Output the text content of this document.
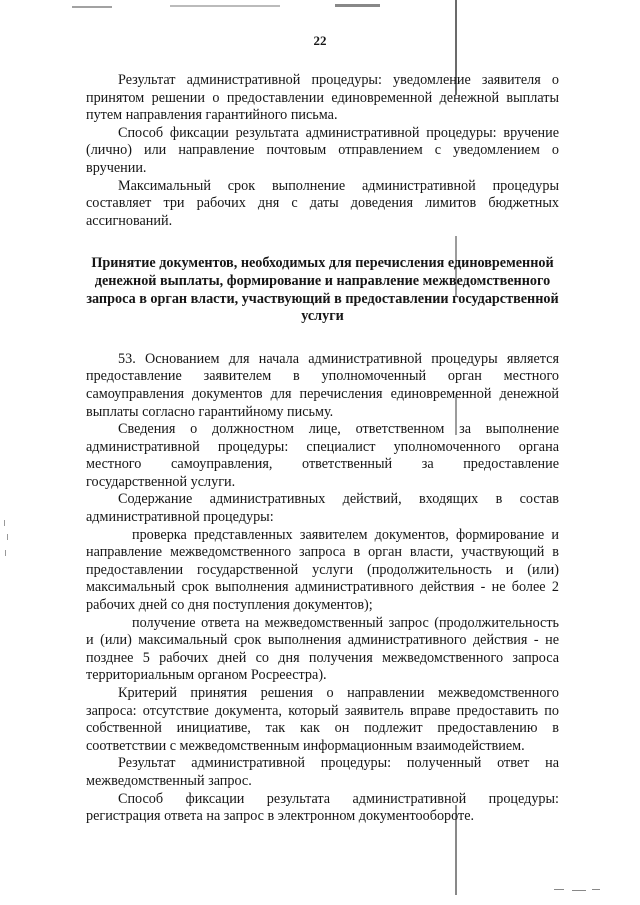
22

Результат административной процедуры: уведомление заявителя о принятом решении о предоставлении единовременной денежной выплаты путем направления гарантийного письма.

Способ фиксации результата административной процедуры: вручение (лично) или направление почтовым отправлением с уведомлением о вручении.

Максимальный срок выполнение административной процедуры составляет три рабочих дня с даты доведения лимитов бюджетных ассигнований.

Принятие документов, необходимых для перечисления единовременной денежной выплаты, формирование и направление межведомственного запроса в орган власти, участвующий в предоставлении государственной услуги

53. Основанием для начала административной процедуры является предоставление заявителем в уполномоченный орган местного самоуправления документов для перечисления единовременной денежной выплаты согласно гарантийному письму.

Сведения о должностном лице, ответственном за выполнение административной процедуры: специалист уполномоченного органа местного самоуправления, ответственный за предоставление государственной услуги.

Содержание административных действий, входящих в состав административной процедуры:

проверка представленных заявителем документов, формирование и направление межведомственного запроса в орган власти, участвующий в предоставлении государственной услуги (продолжительность и (или) максимальный срок выполнения административного действия - не более 2 рабочих дней со дня поступления документов);

получение ответа на межведомственный запрос (продолжительность и (или) максимальный срок выполнения административного действия - не позднее 5 рабочих дней со дня получения межведомственного запроса территориальным органом Росреестра).

Критерий принятия решения о направлении межведомственного запроса: отсутствие документа, который заявитель вправе предоставить по собственной инициативе, так как он подлежит предоставлению в соответствии с межведомственным информационным взаимодействием.

Результат административной процедуры: полученный ответ на межведомственный запрос.

Способ фиксации результата административной процедуры: регистрация ответа на запрос в электронном документообороте.
